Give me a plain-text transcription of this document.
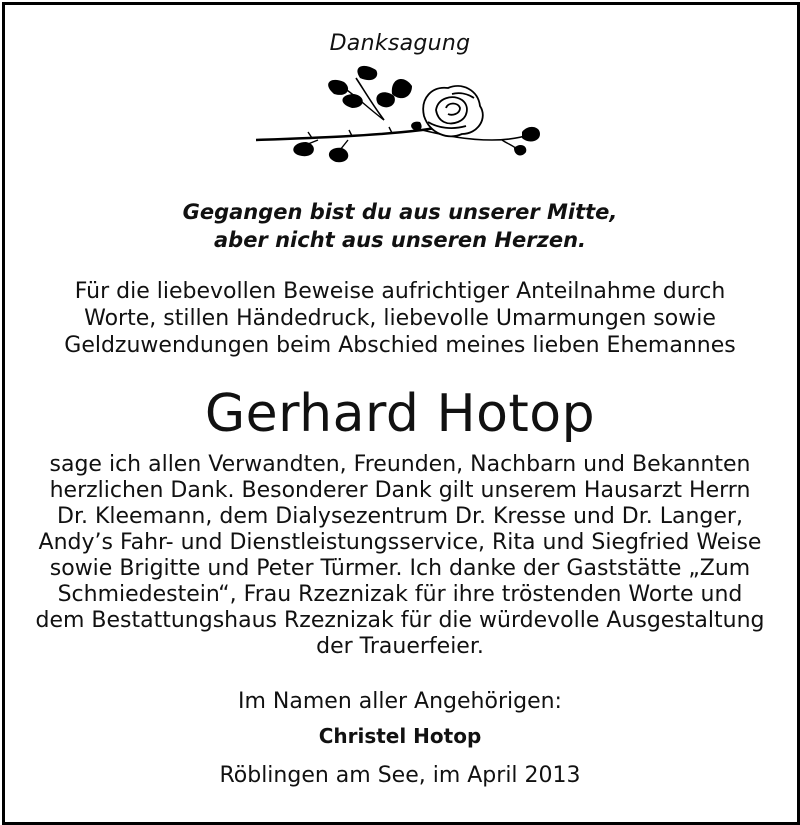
Danksagung
Gegangen bist du aus unserer Mitte,
aber nicht aus unseren Herzen.
Für die liebevollen Beweise aufrichtiger Anteilnahme durch
Worte, stillen Händedruck, liebevolle Umarmungen sowie
Geldzuwendungen beim Abschied meines lieben Ehemannes
Gerhard Hotop
sage ich allen Verwandten, Freunden, Nachbarn und Bekannten
herzlichen Dank. Besonderer Dank gilt unserem Hausarzt Herrn
Dr. Kleemann, dem Dialysezentrum Dr. Kresse und Dr. Langer,
Andy’s Fahr- und Dienstleistungsservice, Rita und Siegfried Weise
sowie Brigitte und Peter Türmer. Ich danke der Gaststätte „Zum
Schmiedestein“, Frau Rzeznizak für ihre tröstenden Worte und
dem Bestattungshaus Rzeznizak für die würdevolle Ausgestaltung
der Trauerfeier.
Im Namen aller Angehörigen:
Christel Hotop
Röblingen am See, im April 2013
